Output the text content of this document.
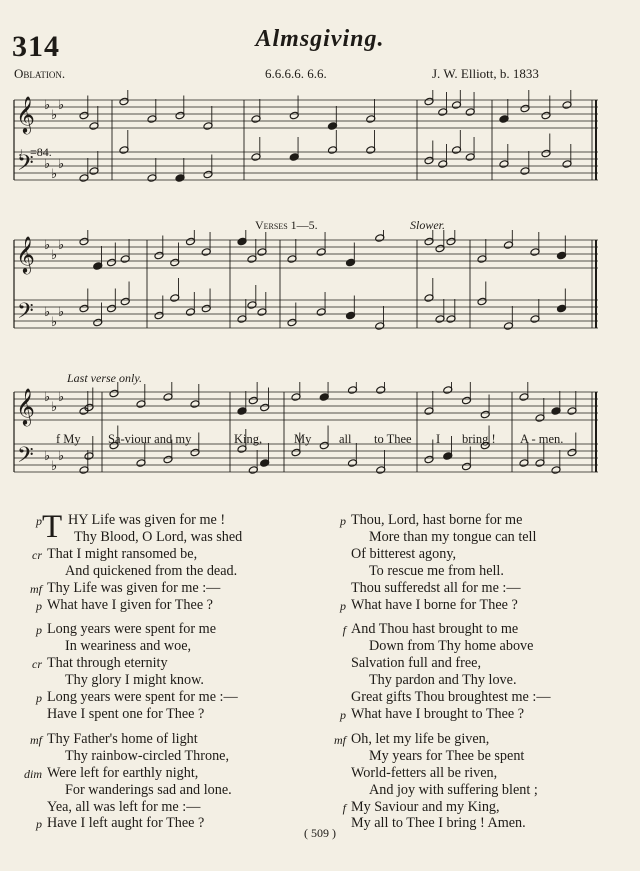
314	Almsgiving.
Oblation.	6.6.6.6. 6.6.	J. W. Elliott, b. 1833
𝄞
𝄢
♭
♭
♭
♭
♭
♭
♩=84.
Verses 1—5.	Slower.
𝄞
𝄢
♭
♭
♭
♭
♭
♭
Last verse only.
𝄞
𝄢
♭
♭
♭
♭
♭
♭
f My Sa-viour and my	King,	My all to Thee I bring ! A - men.
p T HY Life was given for me !
Thy Blood, O Lord, was shed
cr That I might ransomed be,
And quickened from the dead.
mf Thy Life was given for me :—
p What have I given for Thee ?
p Long years were spent for me
In weariness and woe,
cr That through eternity
Thy glory I might know.
p Long years were spent for me :—
Have I spent one for Thee ?
mf Thy Father's home of light
Thy rainbow-circled Throne,
dim Were left for earthly night,
For wanderings sad and lone.
Yea, all was left for me :—
p Have I left aught for Thee ?
p Thou, Lord, hast borne for me
More than my tongue can tell
Of bitterest agony,
To rescue me from hell.
Thou sufferedst all for me :—
p What have I borne for Thee ?
f And Thou hast brought to me
Down from Thy home above
Salvation full and free,
Thy pardon and Thy love.
Great gifts Thou broughtest me :—
p What have I brought to Thee ?
mf Oh, let my life be given,
My years for Thee be spent
World-fetters all be riven,
And joy with suffering blent ;
f My Saviour and my King,
My all to Thee I bring ! Amen.
( 509 )
